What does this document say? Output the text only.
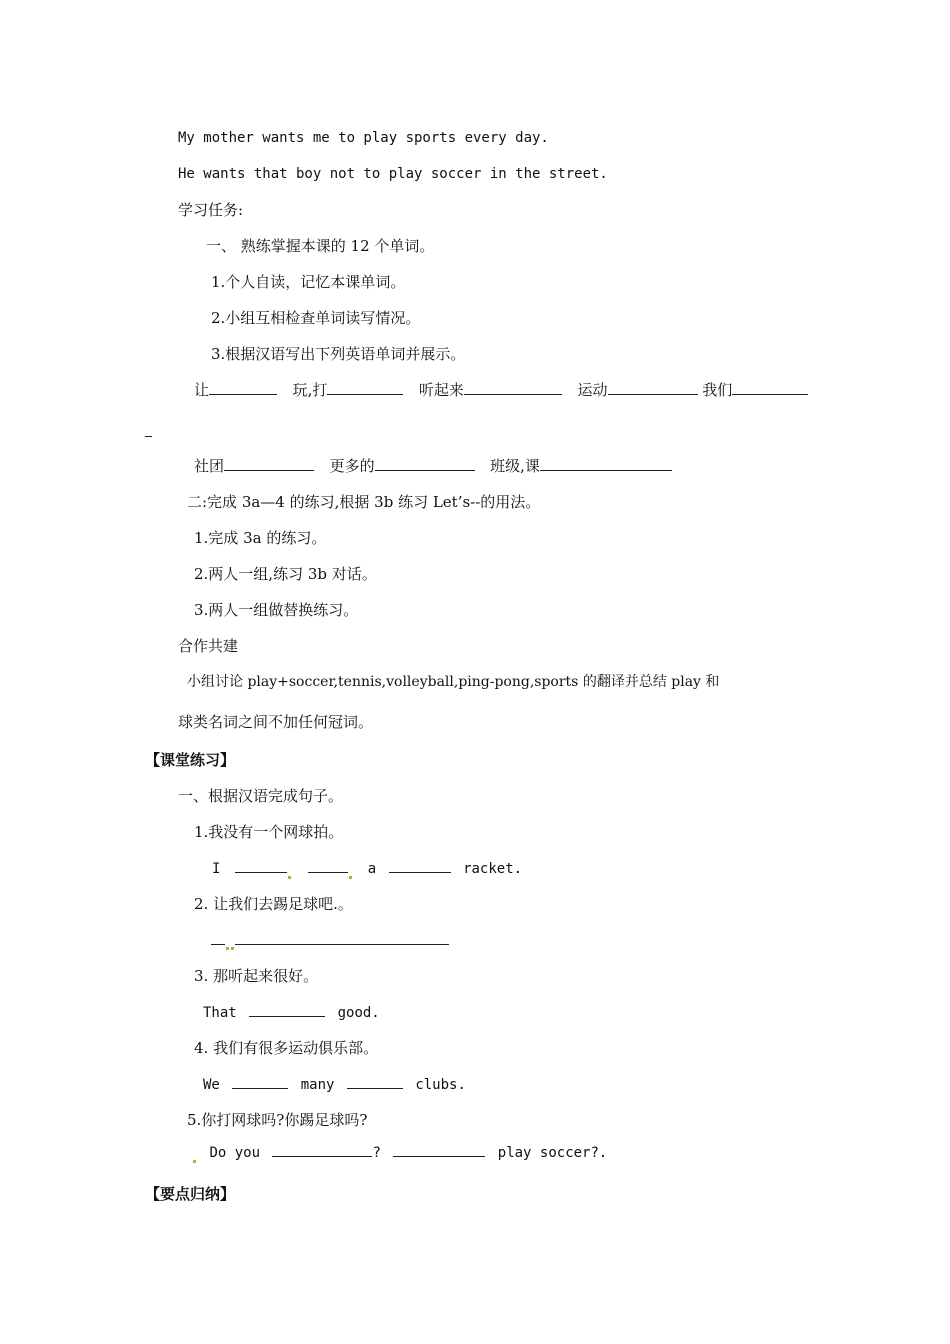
My mother wants me to play sports every day.
He wants that boy not to play soccer in the street.
学习任务:
一、 熟练掌握本课的 12 个单词。
1.个人自读，记忆本课单词。
2.小组互相检查单词读写情况。
3.根据汉语写出下列英语单词并展示。
让	玩,打	听起来	运动	我们
社团	更多的	班级,课
二:完成 3a—4 的练习,根据 3b 练习 Let’s--的用法。
1.完成 3a 的练习。
2.两人一组,练习 3b 对话。
3.两人一组做替换练习。
合作共建
小组讨论 play+soccer,tennis,volleyball,ping-pong,sports 的翻译并总结 play 和
球类名词之间不加任何冠词。
【课堂练习】
一、根据汉语完成句子。
1.我没有一个网球拍。
I	a	racket.
2. 让我们去踢足球吧.。
3. 那听起来很好。
That	good.
4. 我们有很多运动俱乐部。
We	many	clubs.
5.你打网球吗?你踢足球吗?
Do you	?	play soccer?.
【要点归纳】
